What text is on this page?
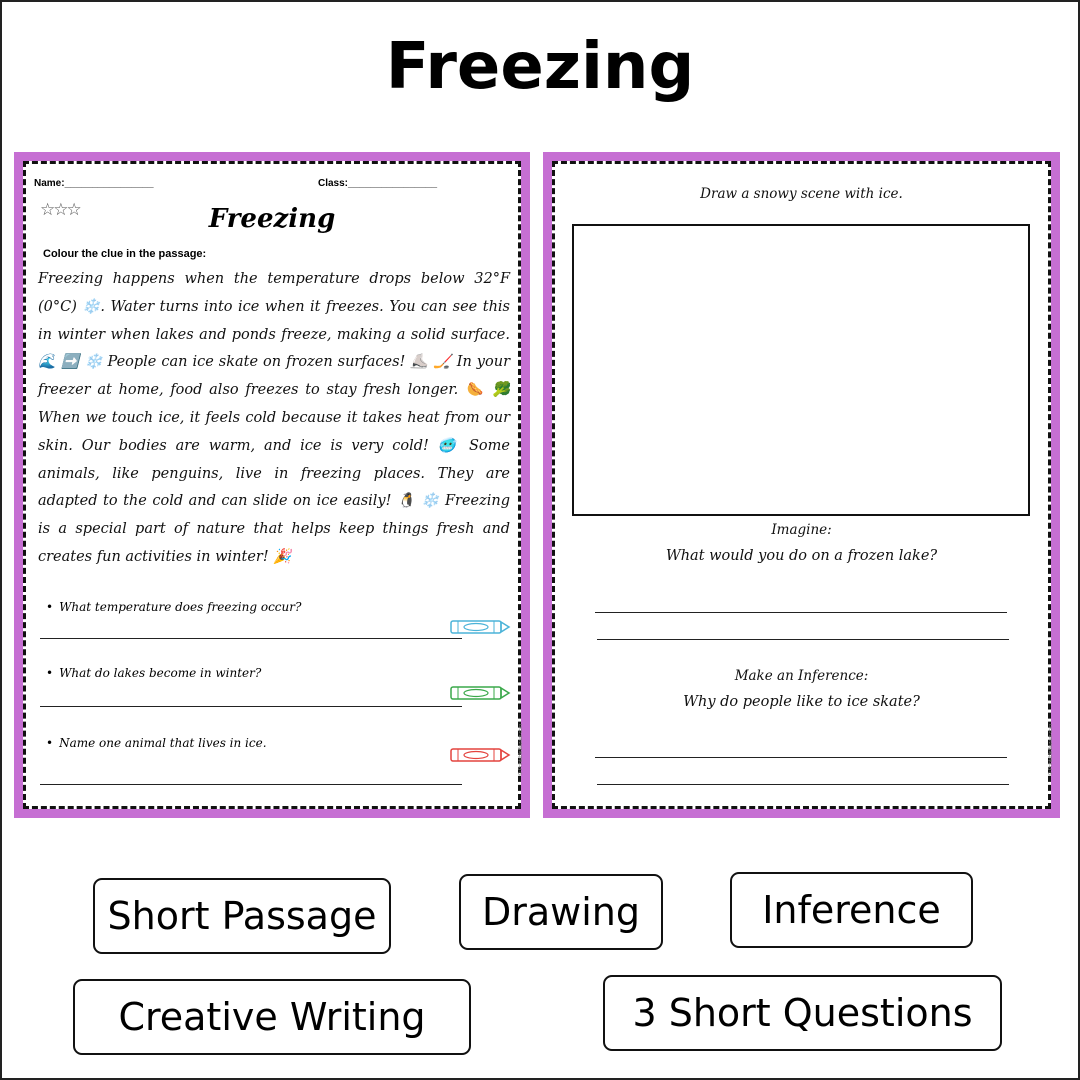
Freezing
Name:________________	Class:________________
☆☆☆	Freezing
Colour the clue in the passage:
Freezing happens when the temperature drops below 32°F (0°C) ❄️. Water turns into ice when it freezes. You can see this in winter when lakes and ponds freeze, making a solid surface. 🌊 ➡️ ❄️ People can ice skate on frozen surfaces! ⛸️ 🏒 In your freezer at home, food also freezes to stay fresh longer. 🌭 🥦 When we touch ice, it feels cold because it takes heat from our skin. Our bodies are warm, and ice is very cold! 🥶 Some animals, like penguins, live in freezing places. They are adapted to the cold and can slide on ice easily! 🐧 ❄️ Freezing is a special part of nature that helps keep things fresh and creates fun activities in winter! 🎉
• What temperature does freezing occur?
• What do lakes become in winter?
• Name one animal that lives in ice.	© PrintableBazaar.com
Draw a snowy scene with ice.
Imagine:
What would you do on a frozen lake?
Make an Inference:
Why do people like to ice skate?
© PrintableBazaar.com
Short Passage	Drawing	Inference
Creative Writing	3 Short Questions
